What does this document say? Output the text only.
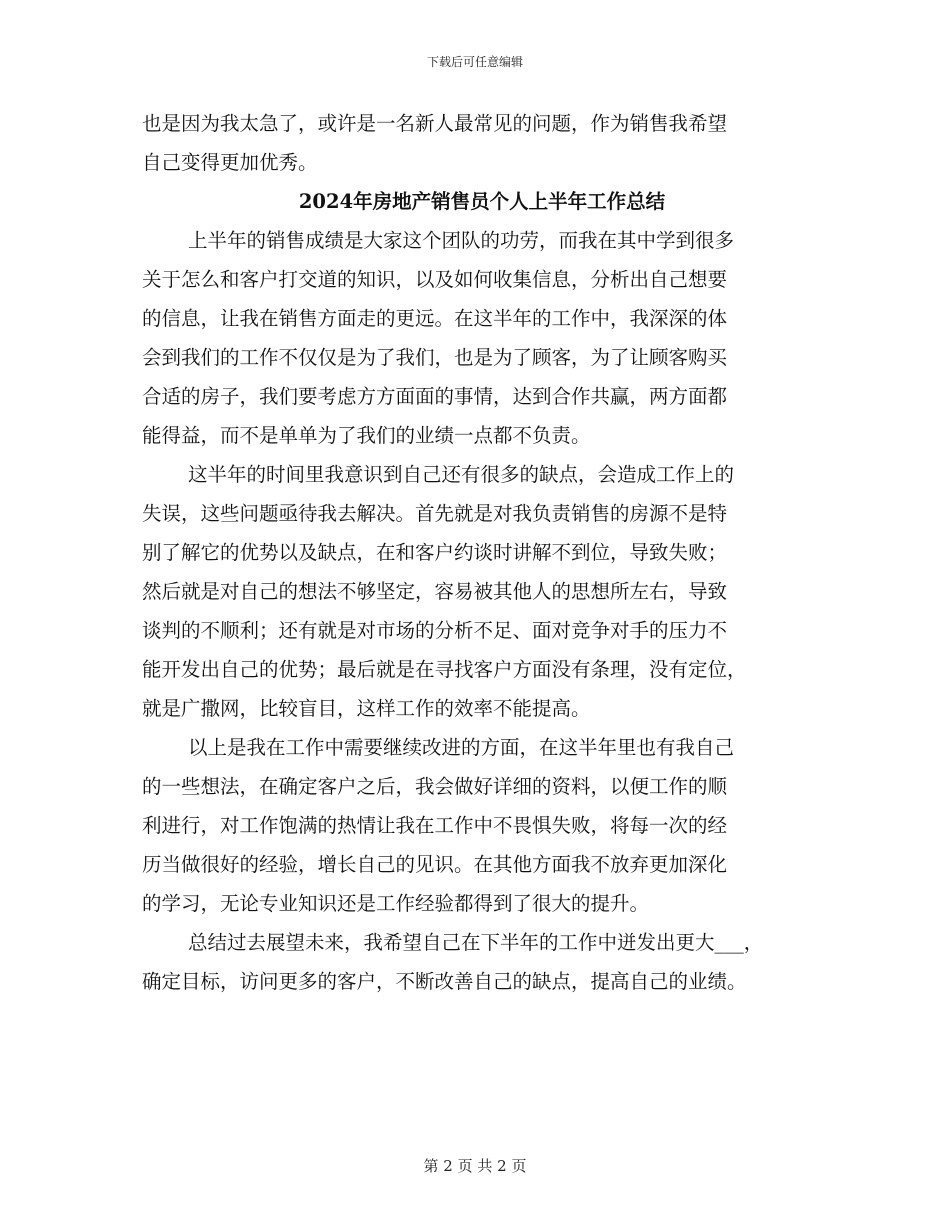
下载后可任意编辑
也是因为我太急了，或许是一名新人最常见的问题，作为销售我希望
自己变得更加优秀。
2024年房地产销售员个人上半年工作总结
上半年的销售成绩是大家这个团队的功劳，而我在其中学到很多
关于怎么和客户打交道的知识，以及如何收集信息，分析出自己想要
的信息，让我在销售方面走的更远。在这半年的工作中，我深深的体
会到我们的工作不仅仅是为了我们，也是为了顾客，为了让顾客购买
合适的房子，我们要考虑方方面面的事情，达到合作共赢，两方面都
能得益，而不是单单为了我们的业绩一点都不负责。
这半年的时间里我意识到自己还有很多的缺点，会造成工作上的
失误，这些问题亟待我去解决。首先就是对我负责销售的房源不是特
别了解它的优势以及缺点，在和客户约谈时讲解不到位，导致失败；
然后就是对自己的想法不够坚定，容易被其他人的思想所左右，导致
谈判的不顺利；还有就是对市场的分析不足、面对竞争对手的压力不
能开发出自己的优势；最后就是在寻找客户方面没有条理，没有定位，
就是广撒网，比较盲目，这样工作的效率不能提高。
以上是我在工作中需要继续改进的方面，在这半年里也有我自己
的一些想法，在确定客户之后，我会做好详细的资料，以便工作的顺
利进行，对工作饱满的热情让我在工作中不畏惧失败，将每一次的经
历当做很好的经验，增长自己的见识。在其他方面我不放弃更加深化
的学习，无论专业知识还是工作经验都得到了很大的提升。
总结过去展望未来，我希望自己在下半年的工作中迸发出更大___，
确定目标，访问更多的客户，不断改善自己的缺点，提高自己的业绩。
第 2 页 共 2 页
